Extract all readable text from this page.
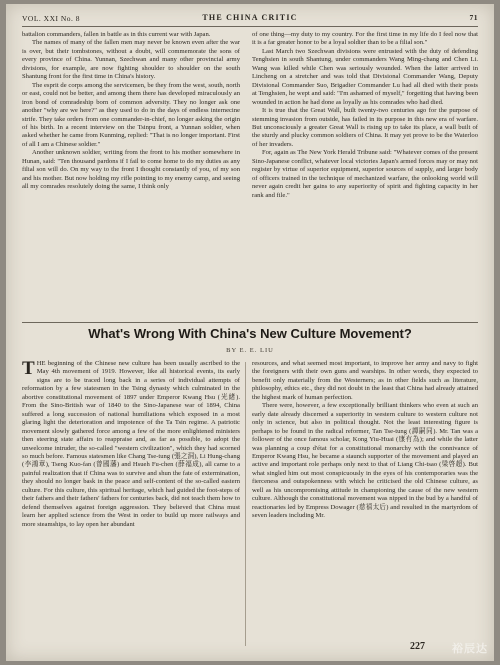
VOL. XXI No. 8	THE CHINA CRITIC	71

battalion commanders, fallen in battle as in this current war with Japan.

The names of many of the fallen men may never be known even after the war is over, but their tombstones, without a doubt, will commemorate the sons of every province of China. Yunnan, Szechwan and many other provincial army divisions, for example, are now fighting shoulder to shoulder on the south Shantung front for the first time in China's history.

The esprit de corps among the servicemen, be they from the west, south, north or east, could not be better, and among them there has developed miraculously an iron bond of comradeship born of common adversity. They no longer ask one another "why are we here?" as they used to do in the days of endless internecine strife. They take orders from one commander-in-chief, no longer asking the origin of his birth. In a recent interview on the Tsinpu front, a Yunnan soldier, when asked whether he came from Kunming, replied: "That is no longer important. First of all I am a Chinese soldier."

Another unknown soldier, writing from the front to his mother somewhere in Hunan, said: "Ten thousand pardons if I fail to come home to do my duties as any filial son will do. On my way to the front I thought constantly of you, of my son and his mother. But now holding my rifle pointing to my enemy camp, and seeing all my comrades resolutely doing the same, I think only

of one thing—my duty to my country. For the first time in my life do I feel now that it is a far greater honor to be a loyal soldier than to be a filial son."

Last March two Szechwan divisions were entrusted with the duty of defending Tenghsien in south Shantung, under commanders Wang Ming-chang and Chen Li. Wang was killed while Chen was seriously wounded. When the latter arrived in Lincheng on a stretcher and was told that Divisional Commander Wang, Deputy Divisional Commander Suo, Brigadier Commander Lu had all died with their posts at Tenghsien, he wept and said: "I'm ashamed of myself," forgetting that having been wounded in action he had done as loyally as his comrades who had died.

It is true that the Great Wall, built twenty-two centuries ago for the purpose of stemming invasion from outside, has failed in its purpose in this new era of warfare. But unconsciously a greater Great Wall is rising up to take its place, a wall built of the sturdy and plucky common soldiers of China. It may yet prove to be the Waterloo of her invaders.

For, again as The New York Herald Tribune said: "Whatever comes of the present Sino-Japanese conflict, whatever local victories Japan's armed forces may or may not register by virtue of superior equipment, superior sources of supply, and larger body of officers trained in the technique of mechanized warfare, the onlooking world will never again credit her gains to any superiority of spirit and fighting capacity in her rank and file."

What's Wrong With China's New Culture Movement?
BY E. E. LIU

THE beginning of the Chinese new culture has been usually ascribed to the May 4th movement of 1919. However, like all historical events, its early signs are to be traced long back in a series of individual attempts of reformation by a few statesmen in the Tsing dynasty which culminated in the abortive constitutional movement of 1897 under Emperor Kwang Hsu (光緒). From the Sino-British war of 1840 to the Sino-Japanese war of 1894, China suffered a long succession of national humiliations which exposed in a most glaring light the deterioration and impotence of the Ta Tsin regime. A patriotic movement slowly gathered force among a few of the more enlightened ministers then steering state affairs to reappraise and, as far as possible, to adopt the unwelcome intruder, the so-called "western civilization", which they had scorned so much before. Famous statesmen like Chang Tse-tung (張之洞), Li Hung-chang (李鴻章), Tseng Kuo-fan (曾國藩) and Hsueh Fu-chen (薛福成), all came to a painful realization that if China was to survive and shun the fate of extermination, they should no longer bask in the peace and self-content of the so-called eastern culture. For this culture, this spiritual heritage, which had guided the foot-steps of their fathers and their fathers' fathers for centuries back, did not teach them how to defend themselves against foreign aggression. They believed that China must learn her applied science from the West in order to build up more railways and more steamships, to lay open her abundant

resources, and what seemed most important, to improve her army and navy to fight the foreigners with their own guns and warships. In other words, they expected to benefit only materially from the Westerners; as in other fields such as literature, philosophy, ethics etc., they did not doubt in the least that China had already attained the highest mark of human perfection.

There were, however, a few exceptionally brilliant thinkers who even at such an early date already discerned a superiority in western culture to western culture not only in science, but also in political thought. Not the least interesting figure is perhaps to be found in the radical reformer, Tan Tse-tung (譚嗣同). Mr. Tan was a follower of the once famous scholar, Kong Yiu-Huai (康有為); and while the latter was planning a coup d'état for a constitutional monarchy with the connivance of Emperor Kwang Hsu, he became a staunch supporter of the movement and played an active and important role perhaps only next to that of Liang Chi-tsao (梁啓超). But what singled him out most conspicuously in the eyes of his contemporaries was the fierceness and outspokenness with which he criticised the old Chinese culture, as well as his uncompromising attitude in championing the cause of the new western culture. Although the constitutional movement was nipped in the bud by a handful of reactionaries led by Empress Dowager (慈禧太后) and resulted in the martyrdom of seven leaders including Mr.

227 裕辰达
